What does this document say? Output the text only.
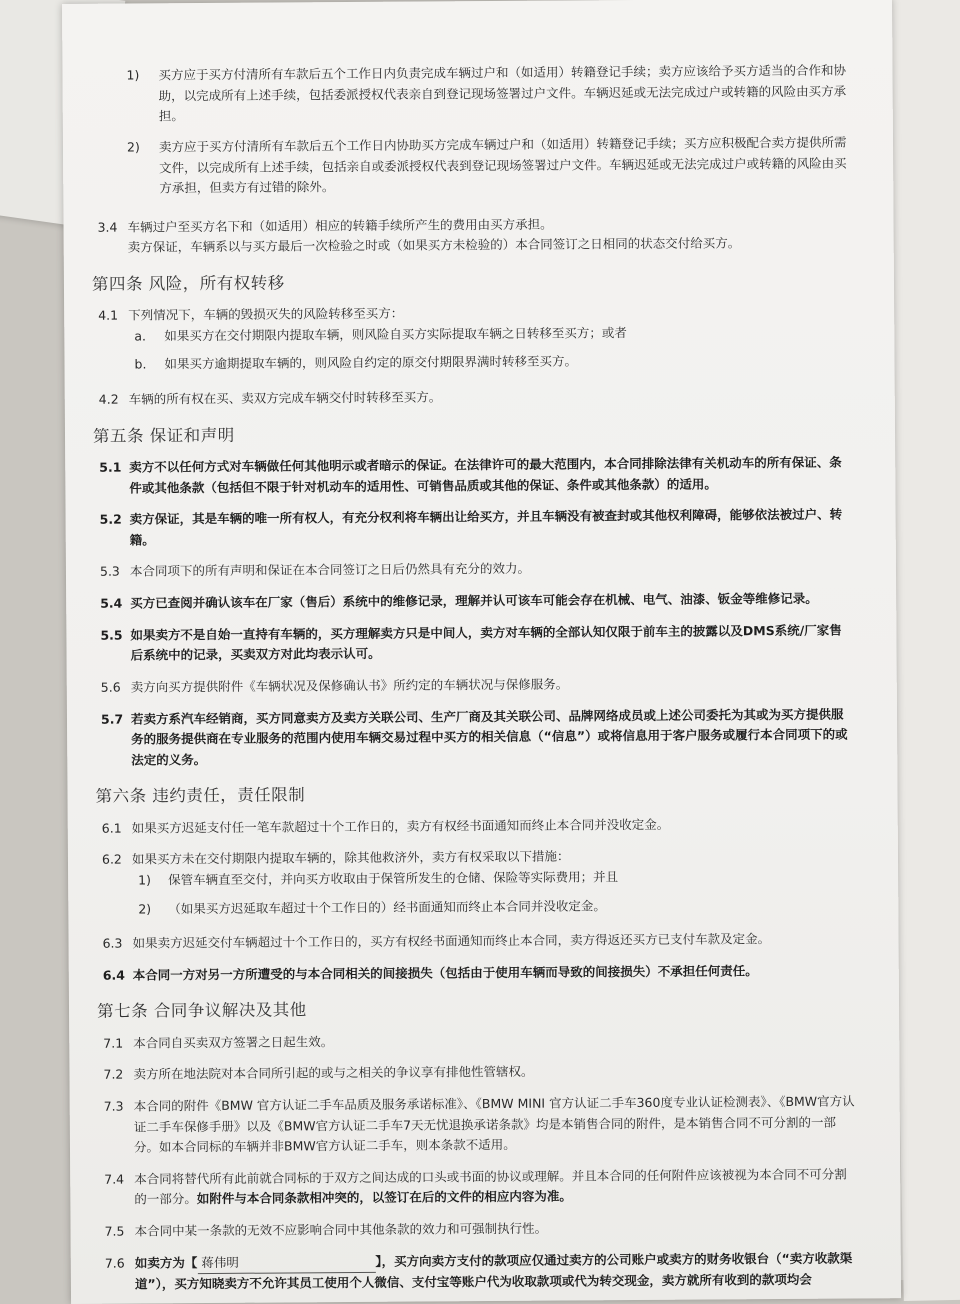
1) 买方应于买方付清所有车款后五个工作日内负责完成车辆过户和（如适用）转籍登记手续；卖方应该给予买方适当的合作和协助，以完成所有上述手续，包括委派授权代表亲自到登记现场签署过户文件。车辆迟延或无法完成过户或转籍的风险由买方承担。
2) 卖方应于买方付清所有车款后五个工作日内协助买方完成车辆过户和（如适用）转籍登记手续；买方应积极配合卖方提供所需文件，以完成所有上述手续，包括亲自或委派授权代表到登记现场签署过户文件。车辆迟延或无法完成过户或转籍的风险由买方承担，但卖方有过错的除外。
3.4 车辆过户至买方名下和（如适用）相应的转籍手续所产生的费用由买方承担。
卖方保证，车辆系以与买方最后一次检验之时或（如果买方未检验的）本合同签订之日相同的状态交付给买方。
第四条 风险，所有权转移
4.1 下列情况下，车辆的毁损灭失的风险转移至买方：
a. 如果买方在交付期限内提取车辆，则风险自买方实际提取车辆之日转移至买方；或者
b. 如果买方逾期提取车辆的，则风险自约定的原交付期限界满时转移至买方。
4.2 车辆的所有权在买、卖双方完成车辆交付时转移至买方。
第五条 保证和声明
5.1 卖方不以任何方式对车辆做任何其他明示或者暗示的保证。在法律许可的最大范围内，本合同排除法律有关机动车的所有保证、条件或其他条款（包括但不限于针对机动车的适用性、可销售品质或其他的保证、条件或其他条款）的适用。
5.2 卖方保证，其是车辆的唯一所有权人，有充分权利将车辆出让给买方，并且车辆没有被查封或其他权利障碍，能够依法被过户、转籍。
5.3 本合同项下的所有声明和保证在本合同签订之日后仍然具有充分的效力。
5.4 买方已查阅并确认该车在厂家（售后）系统中的维修记录，理解并认可该车可能会存在机械、电气、油漆、钣金等维修记录。
5.5 如果卖方不是自始一直持有车辆的，买方理解卖方只是中间人，卖方对车辆的全部认知仅限于前车主的披露以及DMS系统/厂家售后系统中的记录，买卖双方对此均表示认可。
5.6 卖方向买方提供附件《车辆状况及保修确认书》所约定的车辆状况与保修服务。
5.7 若卖方系汽车经销商，买方同意卖方及卖方关联公司、生产厂商及其关联公司、品牌网络成员或上述公司委托为其或为买方提供服务的服务提供商在专业服务的范围内使用车辆交易过程中买方的相关信息（“信息”）或将信息用于客户服务或履行本合同项下的或法定的义务。
第六条 违约责任，责任限制
6.1 如果买方迟延支付任一笔车款超过十个工作日的，卖方有权经书面通知而终止本合同并没收定金。
6.2 如果买方未在交付期限内提取车辆的，除其他救济外，卖方有权采取以下措施：
1) 保管车辆直至交付，并向买方收取由于保管所发生的仓储、保险等实际费用；并且
2) （如果买方迟延取车超过十个工作日的）经书面通知而终止本合同并没收定金。
6.3 如果卖方迟延交付车辆超过十个工作日的，买方有权经书面通知而终止本合同，卖方得返还买方已支付车款及定金。
6.4 本合同一方对另一方所遭受的与本合同相关的间接损失（包括由于使用车辆而导致的间接损失）不承担任何责任。
第七条 合同争议解决及其他
7.1 本合同自买卖双方签署之日起生效。
7.2 卖方所在地法院对本合同所引起的或与之相关的争议享有排他性管辖权。
7.3 本合同的附件《BMW 官方认证二手车品质及服务承诺标准》、《BMW MINI 官方认证二手车360度专业认证检测表》、《BMW官方认证二手车保修手册》以及《BMW官方认证二手车7天无忧退换承诺条款》均是本销售合同的附件，是本销售合同不可分割的一部分。如本合同标的车辆并非BMW官方认证二手车，则本条款不适用。
7.4 本合同将替代所有此前就合同标的于双方之间达成的口头或书面的协议或理解。并且本合同的任何附件应该被视为本合同不可分割的一部分。如附件与本合同条款相冲突的，以签订在后的文件的相应内容为准。
7.5 本合同中某一条款的无效不应影响合同中其他条款的效力和可强制执行性。
7.6 如卖方为【 蒋伟明	】，买方向卖方支付的款项应仅通过卖方的公司账户或卖方的财务收银台（“卖方收款渠道”），买方知晓卖方不允许其员工使用个人微信、支付宝等账户代为收取款项或代为转交现金，卖方就所有收到的款项均会
